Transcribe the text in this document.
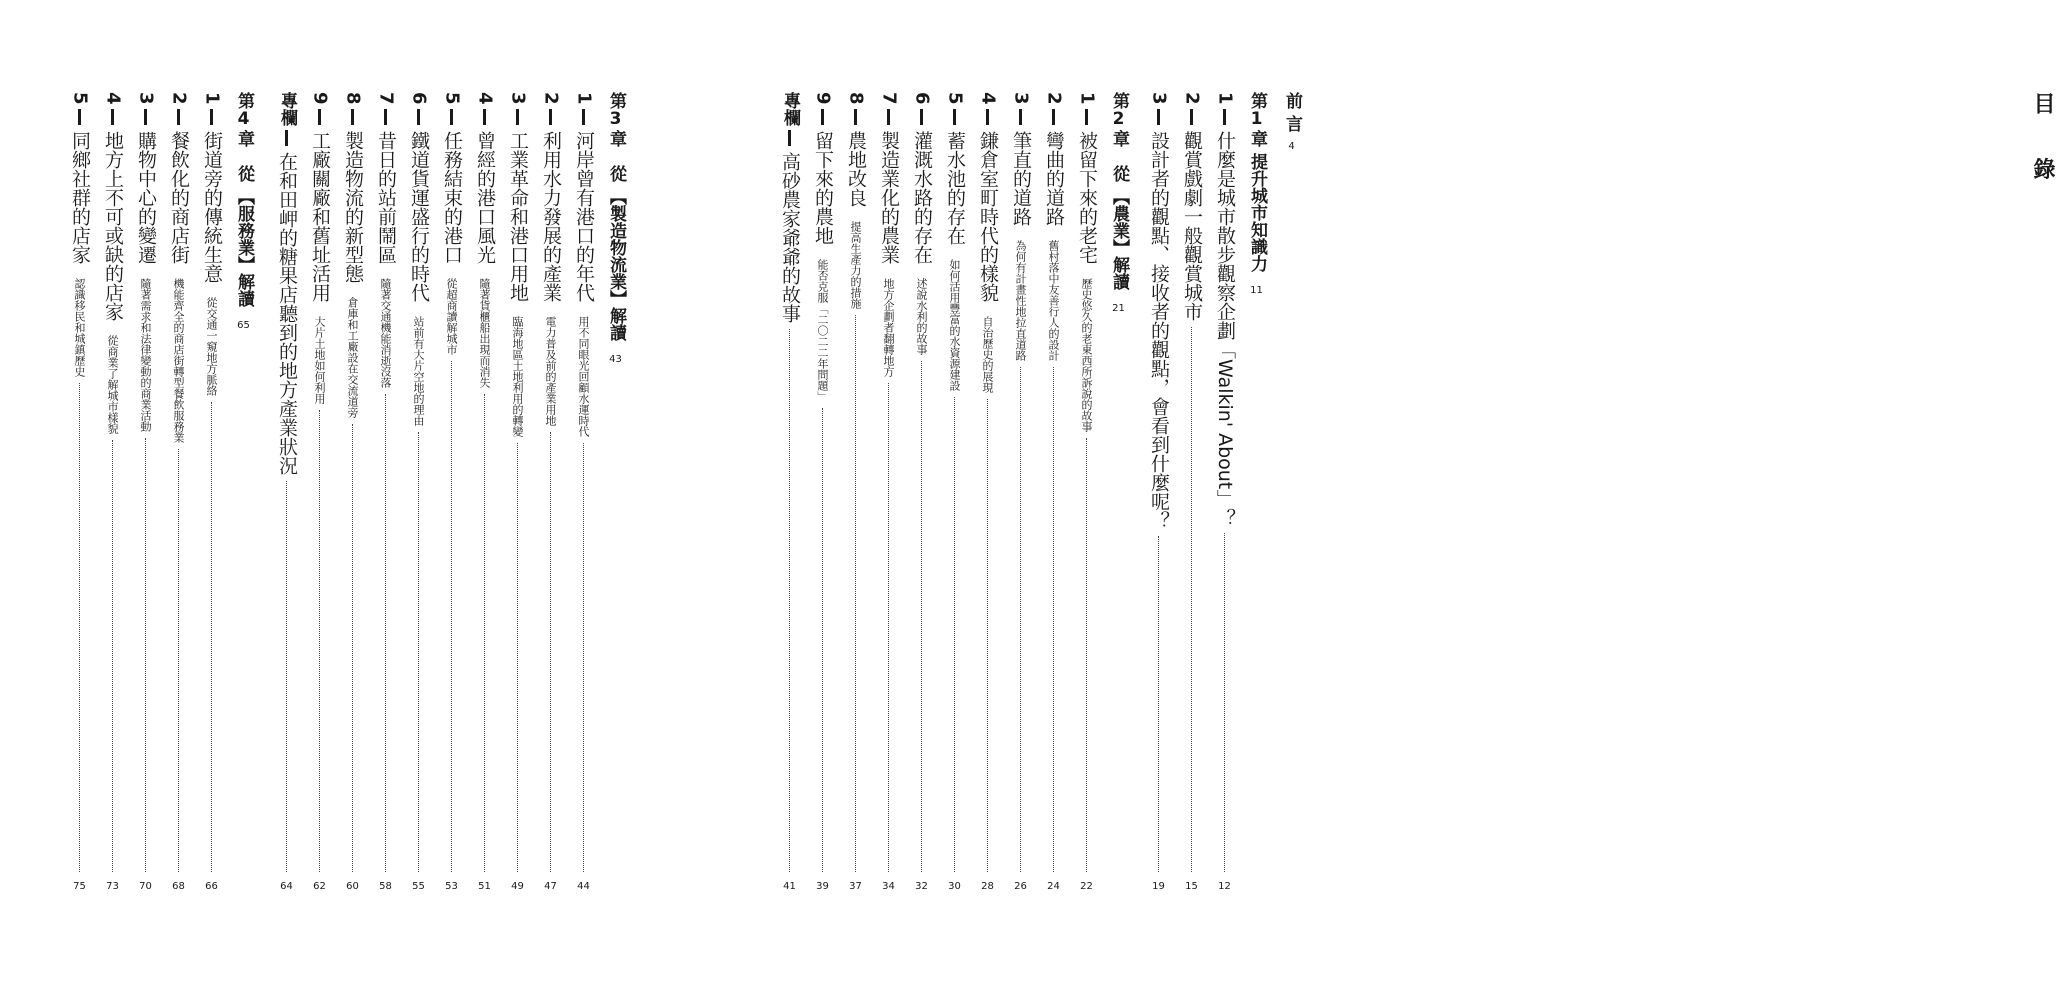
目 錄
前 言
4
第
1
章
提升城市知識力
11
1
什麼是城市散步觀察企劃「Walkin' About」？
12
2
觀賞戲劇一般觀賞城市
15
3
設計者的觀點、接收者的觀點，會看到什麼呢？
19
第
2
章
從
【農業】解讀
21
1
被留下來的老宅
歷史悠久的老東西所訴說的故事
22
2
彎曲的道路
舊村落中友善行人的設計
24
3
筆直的道路
為何有計畫性地拉直道路
26
4
鎌倉室町時代的樣貌
自治歷史的展現
28
5
蓄水池的存在
如何活用豐富的水資源建設
30
6
灌溉水路的存在
述說水利的故事
32
7
製造業化的農業
地方企劃者翻轉地方
34
8
農地改良
提高生產力的措施
37
9
留下來的農地
能否克服「二〇二二年問題」
39
專欄
高砂農家爺爺的故事
41
第
3
章
從
【製造物流業】解讀
43
1
河岸曾有港口的年代
用不同眼光回顧水運時代
44
2
利用水力發展的產業
電力普及前的產業用地
47
3
工業革命和港口用地
臨海地區土地利用的轉變
49
4
曾經的港口風光
隨著貨櫃船出現而消失
51
5
任務結束的港口
從超商讀解城市
53
6
鐵道貨運盛行的時代
站前有大片空地的理由
55
7
昔日的站前鬧區
隨著交通機能消逝沒落
58
8
製造物流的新型態
倉庫和工廠設在交流道旁
60
9
工廠關廠和舊址活用
大片土地如何利用
62
專欄
在和田岬的糖果店聽到的地方產業狀況
64
第
4
章
從
【服務業】解讀
65
1
街道旁的傳統生意
從交通一窺地方脈絡
66
2
餐飲化的商店街
機能齊全的商店街轉型餐飲服務業
68
3
購物中心的變遷
隨著需求和法律變動的商業活動
70
4
地方上不可或缺的店家
從商業了解城市樣貌
73
5
同鄉社群的店家
認識移民和城鎮歷史
75
